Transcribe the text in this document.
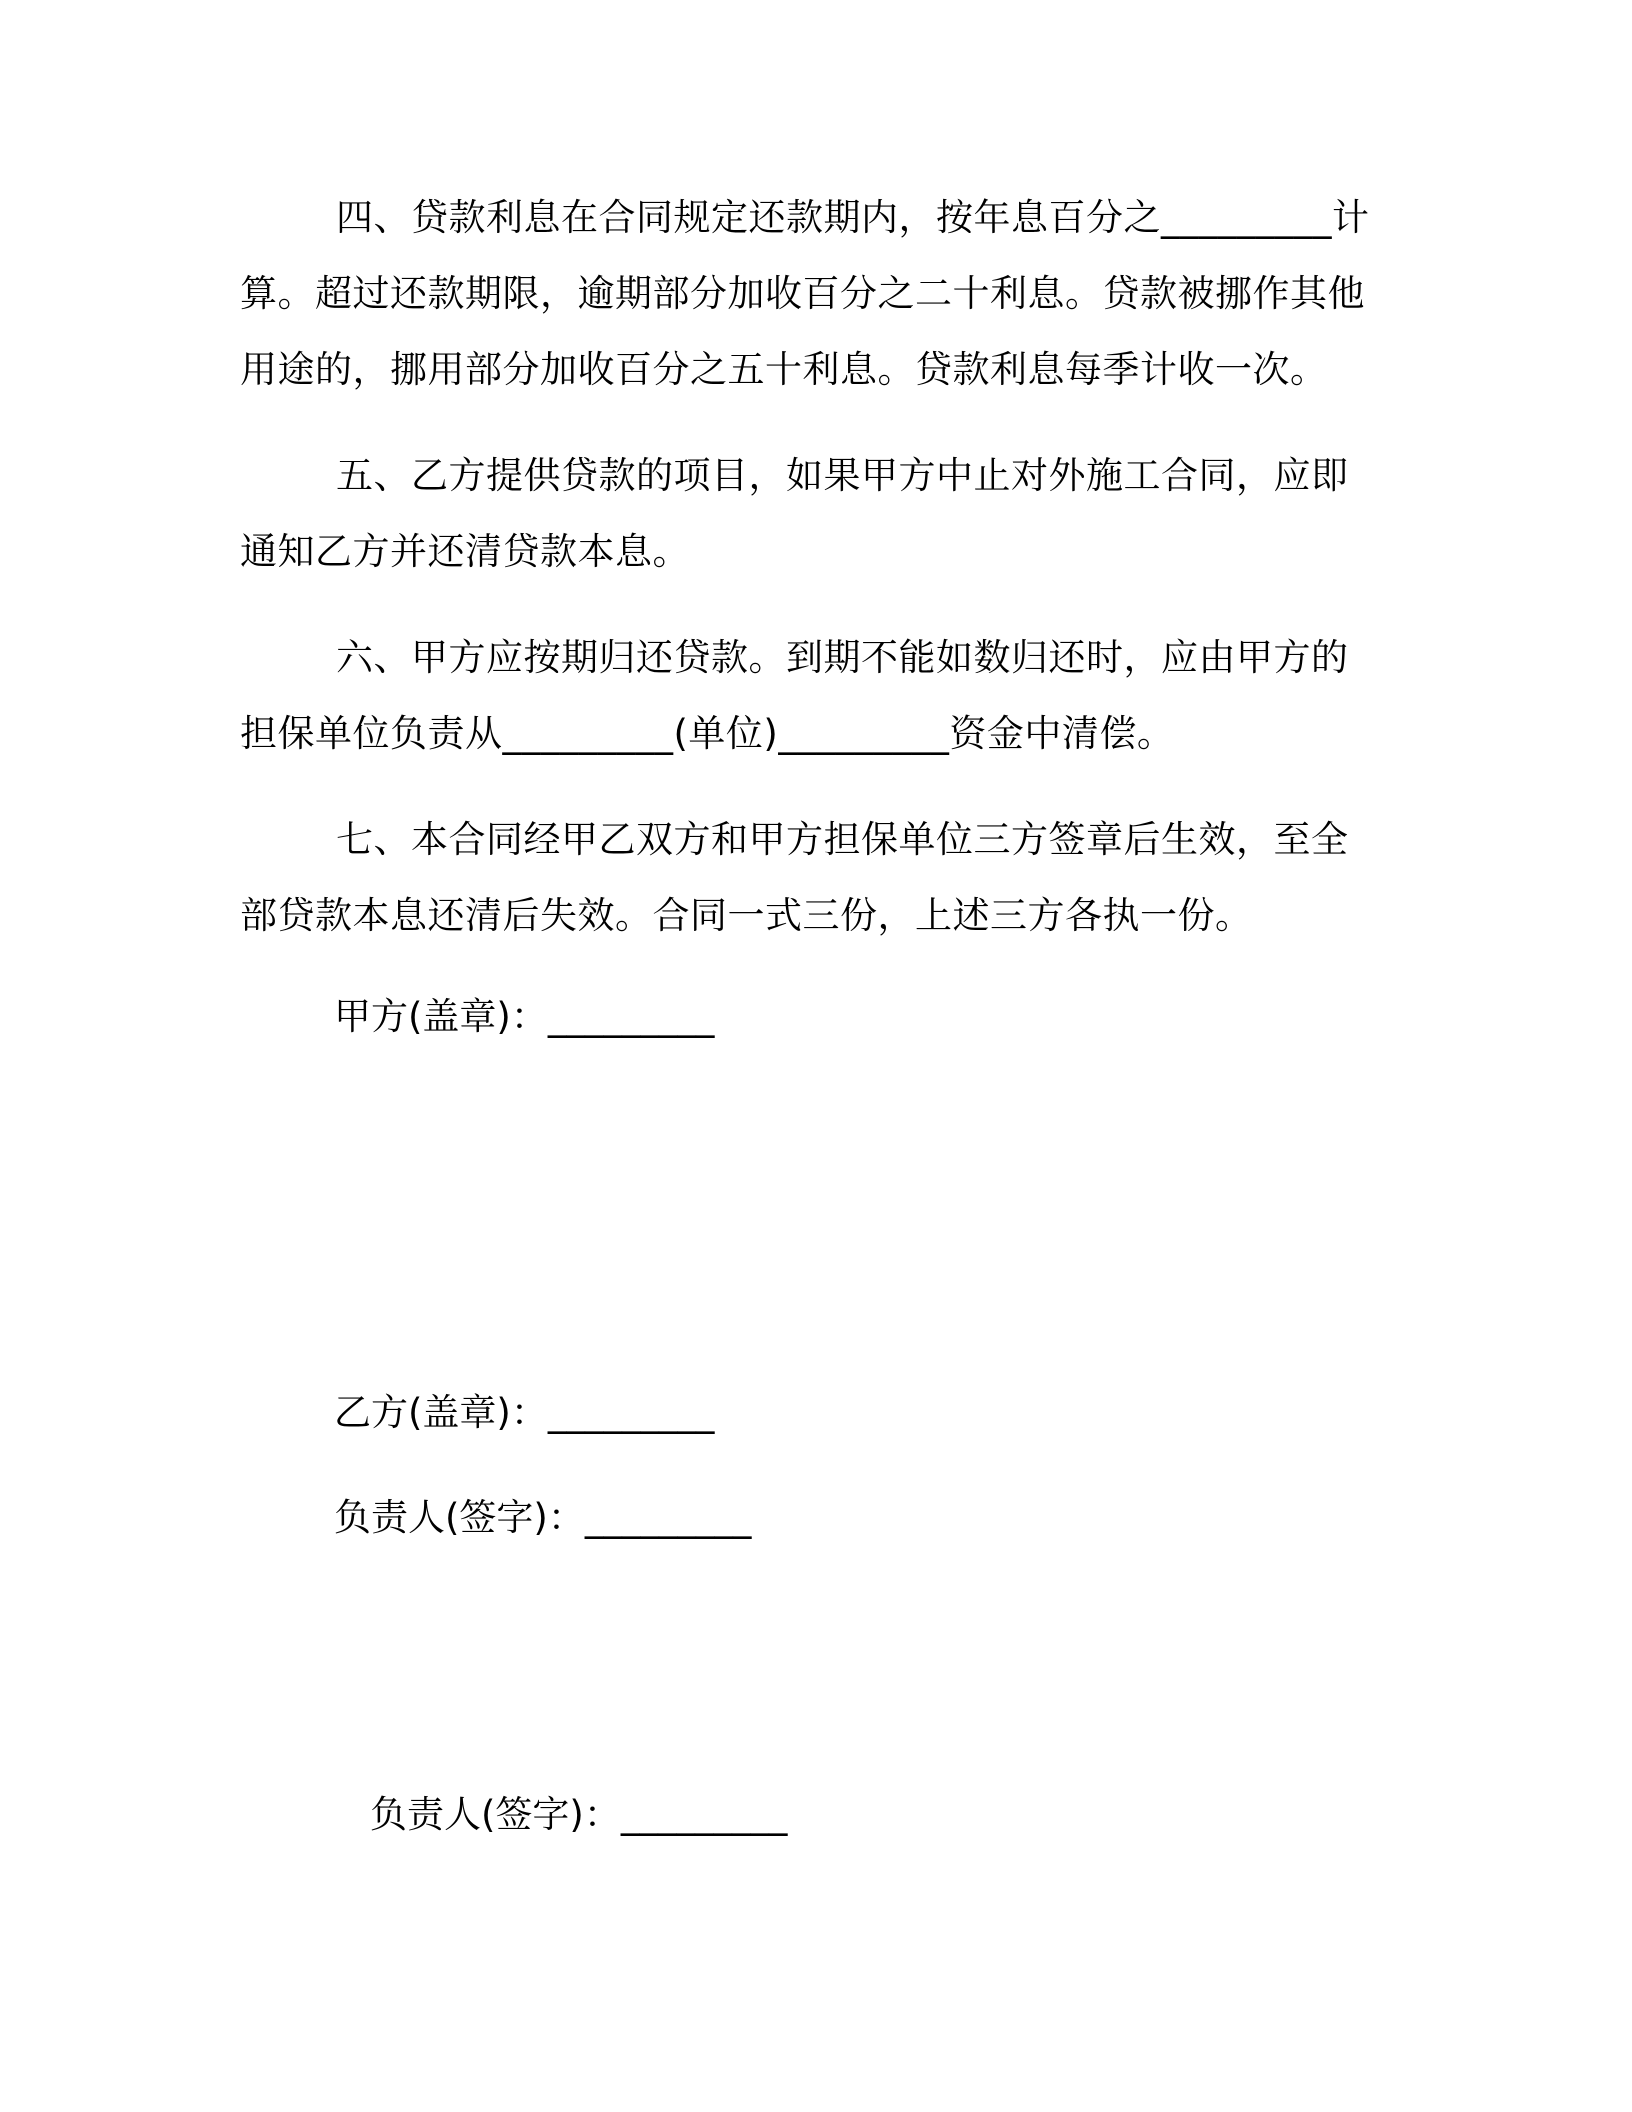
四、贷款利息在合同规定还款期内，按年息百分之_________计算。超过还款期限，逾期部分加收百分之二十利息。贷款被挪作其他用途的，挪用部分加收百分之五十利息。贷款利息每季计收一次。

五、乙方提供贷款的项目，如果甲方中止对外施工合同，应即通知乙方并还清贷款本息。

六、甲方应按期归还贷款。到期不能如数归还时，应由甲方的担保单位负责从_________(单位)_________资金中清偿。

七、本合同经甲乙双方和甲方担保单位三方签章后生效，至全部贷款本息还清后失效。合同一式三份，上述三方各执一份。

甲方(盖章)：_________

乙方(盖章)：_________

负责人(签字)：_________

负责人(签字)：_________
